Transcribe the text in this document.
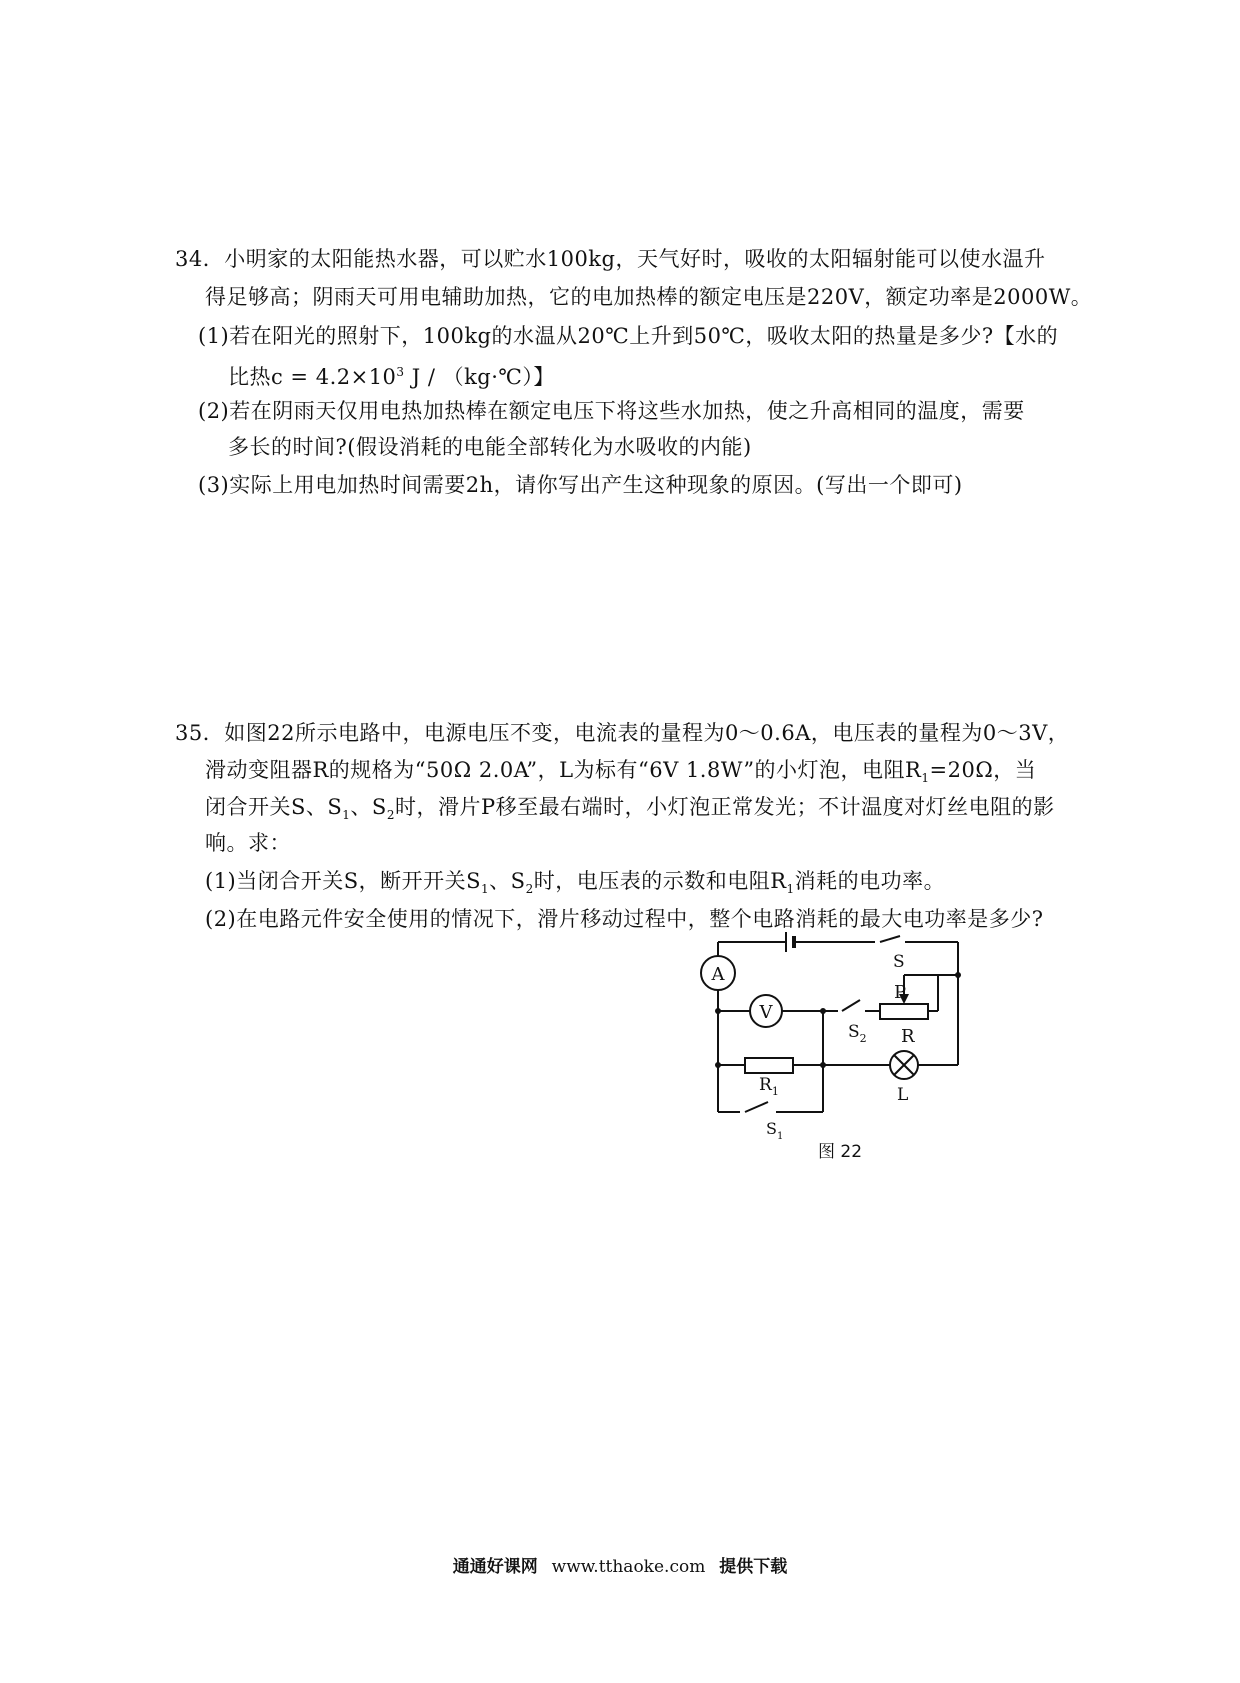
34．小明家的太阳能热水器，可以贮水100kg，天气好时，吸收的太阳辐射能可以使水温升
得足够高；阴雨天可用电辅助加热，它的电加热棒的额定电压是220V，额定功率是2000W。
(1)若在阳光的照射下，100kg的水温从20℃上升到50℃，吸收太阳的热量是多少?【水的
比热$c = 4.2\times 10^3$ J / （kg·℃）】
(2)若在阴雨天仅用电热加热棒在额定电压下将这些水加热，使之升高相同的温度，需要
多长的时间?(假设消耗的电能全部转化为水吸收的内能)
(3)实际上用电加热时间需要2h，请你写出产生这种现象的原因。(写出一个即可)
35．如图22所示电路中，电源电压不变，电流表的量程为0～0.6A，电压表的量程为0～3V，
滑动变阻器R的规格为“50Ω 2.0A”，L为标有“6V 1.8W”的小灯泡，电阻$R_1=20\Omega$，当
闭合开关S、$S_1$、$S_2$时，滑片P移至最右端时，小灯泡正常发光；不计温度对灯丝电阻的影
响。求：
(1)当闭合开关S，断开开关$S_1$、$S_2$时，电压表的示数和电阻$R_1$消耗的电功率。
(2)在电路元件安全使用的情况下，滑片移动过程中，整个电路消耗的最大电功率是多少?
A
V
S
P
R
$S_2$
$R_1$	L
$S_1$
图 22
通通好课网 www.tthaoke.com 提供下载
